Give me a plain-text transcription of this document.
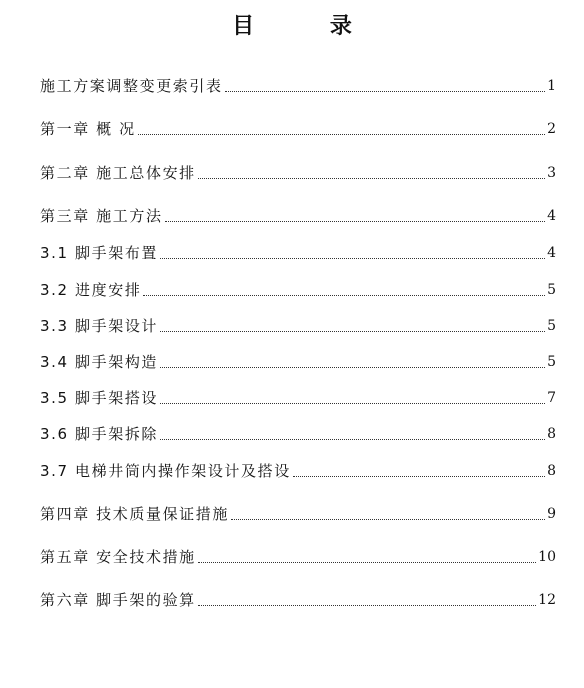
目 录
施工方案调整变更索引表	1
第一章 概 况	2
第二章 施工总体安排	3
第三章 施工方法	4
3.1 脚手架布置	4
3.2 进度安排	5
3.3 脚手架设计	5
3.4 脚手架构造	5
3.5 脚手架搭设	7
3.6 脚手架拆除	8
3.7 电梯井筒内操作架设计及搭设	8
第四章 技术质量保证措施	9
第五章 安全技术措施	10
第六章 脚手架的验算	12
